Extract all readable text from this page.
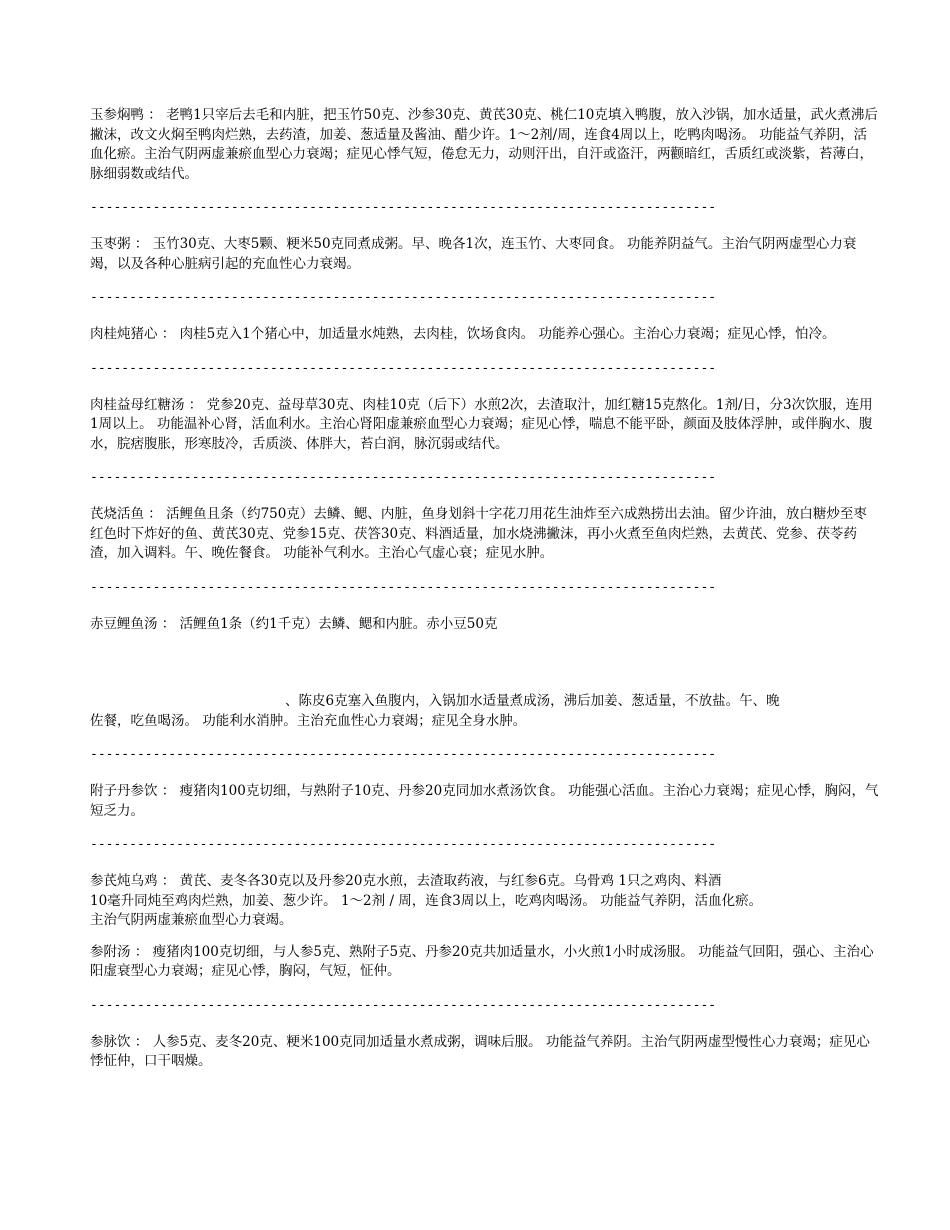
玉参焖鸭 ： 老鸭1只宰后去毛和内脏，把玉竹50克、沙参30克、黄芪30克、桃仁10克填入鸭腹，放入沙锅，加水适量，武火煮沸后撇沫，改文火焖至鸭肉烂熟，去药渣，加姜、葱适量及酱油、醋少许。1～2剂/周，连食4周以上，吃鸭肉喝汤。 功能益气养阴，活血化瘀。主治气阴两虚兼瘀血型心力衰竭；症见心悸气短，倦怠无力，动则汗出，自汗或盗汗，两颧暗红，舌质红或淡紫，苔薄白，脉细弱数或结代。

--------------------------------------------------------------------------------

玉枣粥 ： 玉竹30克、大枣5颗、粳米50克同煮成粥。早、晚各1次，连玉竹、大枣同食。 功能养阴益气。主治气阴两虚型心力衰竭，以及各种心脏病引起的充血性心力衰竭。

--------------------------------------------------------------------------------

肉桂炖猪心 ： 肉桂5克入1个猪心中，加适量水炖熟，去肉桂，饮场食肉。 功能养心强心。主治心力衰竭；症见心悸，怕冷。

--------------------------------------------------------------------------------

肉桂益母红糖汤 ： 党参20克、益母草30克、肉桂10克（后下）水煎2次，去渣取汁，加红糖15克熬化。1剂/日，分3次饮服，连用1周以上。 功能温补心肾，活血利水。主治心肾阳虚兼瘀血型心力衰竭；症见心悸，喘息不能平卧，颜面及肢体浮肿，或伴胸水、腹水，脘痞腹胀，形寒肢冷，舌质淡、体胖大，苔白润，脉沉弱或结代。

--------------------------------------------------------------------------------

芪烧活鱼 ： 活鲤鱼且条（约750克）去鳞、鳃、内脏，鱼身划斜十字花刀用花生油炸至六成熟捞出去油。留少许油，放白糖炒至枣红色时下炸好的鱼、黄芪30克、党参15克、茯答30克、料酒适量，加水烧沸撇沫，再小火煮至鱼肉烂熟，去黄芪、党参、茯苓药渣，加入调料。午、晚佐餐食。 功能补气利水。主治心气虚心衰；症见水肿。

--------------------------------------------------------------------------------

赤豆鲤鱼汤 ： 活鲤鱼1条（约1千克）去鳞、鳃和内脏。赤小豆50克

、陈皮6克塞入鱼腹内，入锅加水适量煮成汤，沸后加姜、葱适量，不放盐。午、晚

佐餐，吃鱼喝汤。 功能利水消肿。主治充血性心力衰竭；症见全身水肿。

--------------------------------------------------------------------------------

附子丹参饮 ： 瘦猪肉100克切细，与熟附子10克、丹参20克同加水煮汤饮食。 功能强心活血。主治心力衰竭；症见心悸，胸闷，气短乏力。

--------------------------------------------------------------------------------

参芪炖乌鸡 ： 黄芪、麦冬各30克以及丹参20克水煎，去渣取药液，与红参6克。乌骨鸡 1只之鸡肉、料酒

10毫升同炖至鸡肉烂熟，加姜、葱少许。 1～2剂 / 周，连食3周以上，吃鸡肉喝汤。 功能益气养阴，活血化瘀。

主治气阴两虚兼瘀血型心力衰竭。

参附汤 ： 瘦猪肉100克切细，与人参5克、熟附子5克、丹参20克共加适量水，小火煎1小时成汤服。 功能益气回阳，强心、主治心阳虚衰型心力衰竭；症见心悸，胸闷，气短，怔仲。

--------------------------------------------------------------------------------

参脉饮 ： 人参5克、麦冬20克、粳米100克同加适量水煮成粥，调味后服。 功能益气养阴。主治气阴两虚型慢性心力衰竭；症见心悸怔仲，口干咽燥。
